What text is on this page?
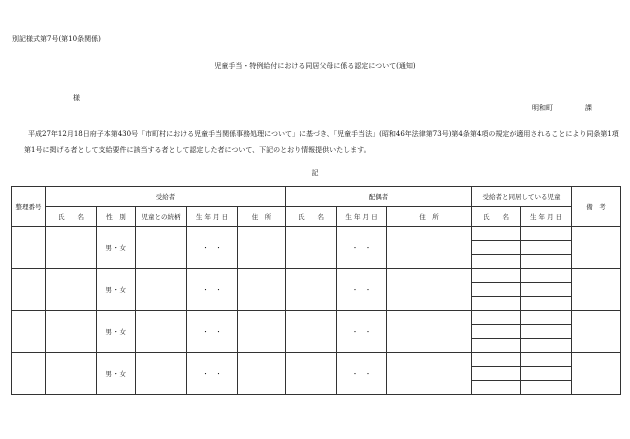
別記様式第7号(第10条関係)
児童手当・特例給付における同居父母に係る認定について(通知)
様
明和町	課
平成27年12月18日府子本第430号「市町村における児童手当関係事務処理について」に基づき、「児童手当法」(昭和46年法律第73号)第4条第4項の規定が適用されることにより同条第1項第1号に掲げる者として支給要件に該当する者として認定した者について、下記のとおり情報提供いたします。
記
整理番号	受給者					配偶者			受給者と同居している児童		備　考
	氏　　名	性　別	児童との続柄	生 年 月 日	住　所	氏　　名	生 年 月 日	住　所	氏　　名	生 年 月 日	
		男・女		・　・			・　・				

		男・女		・　・			・　・				

		男・女		・　・			・　・				

		男・女		・　・			・　・				
